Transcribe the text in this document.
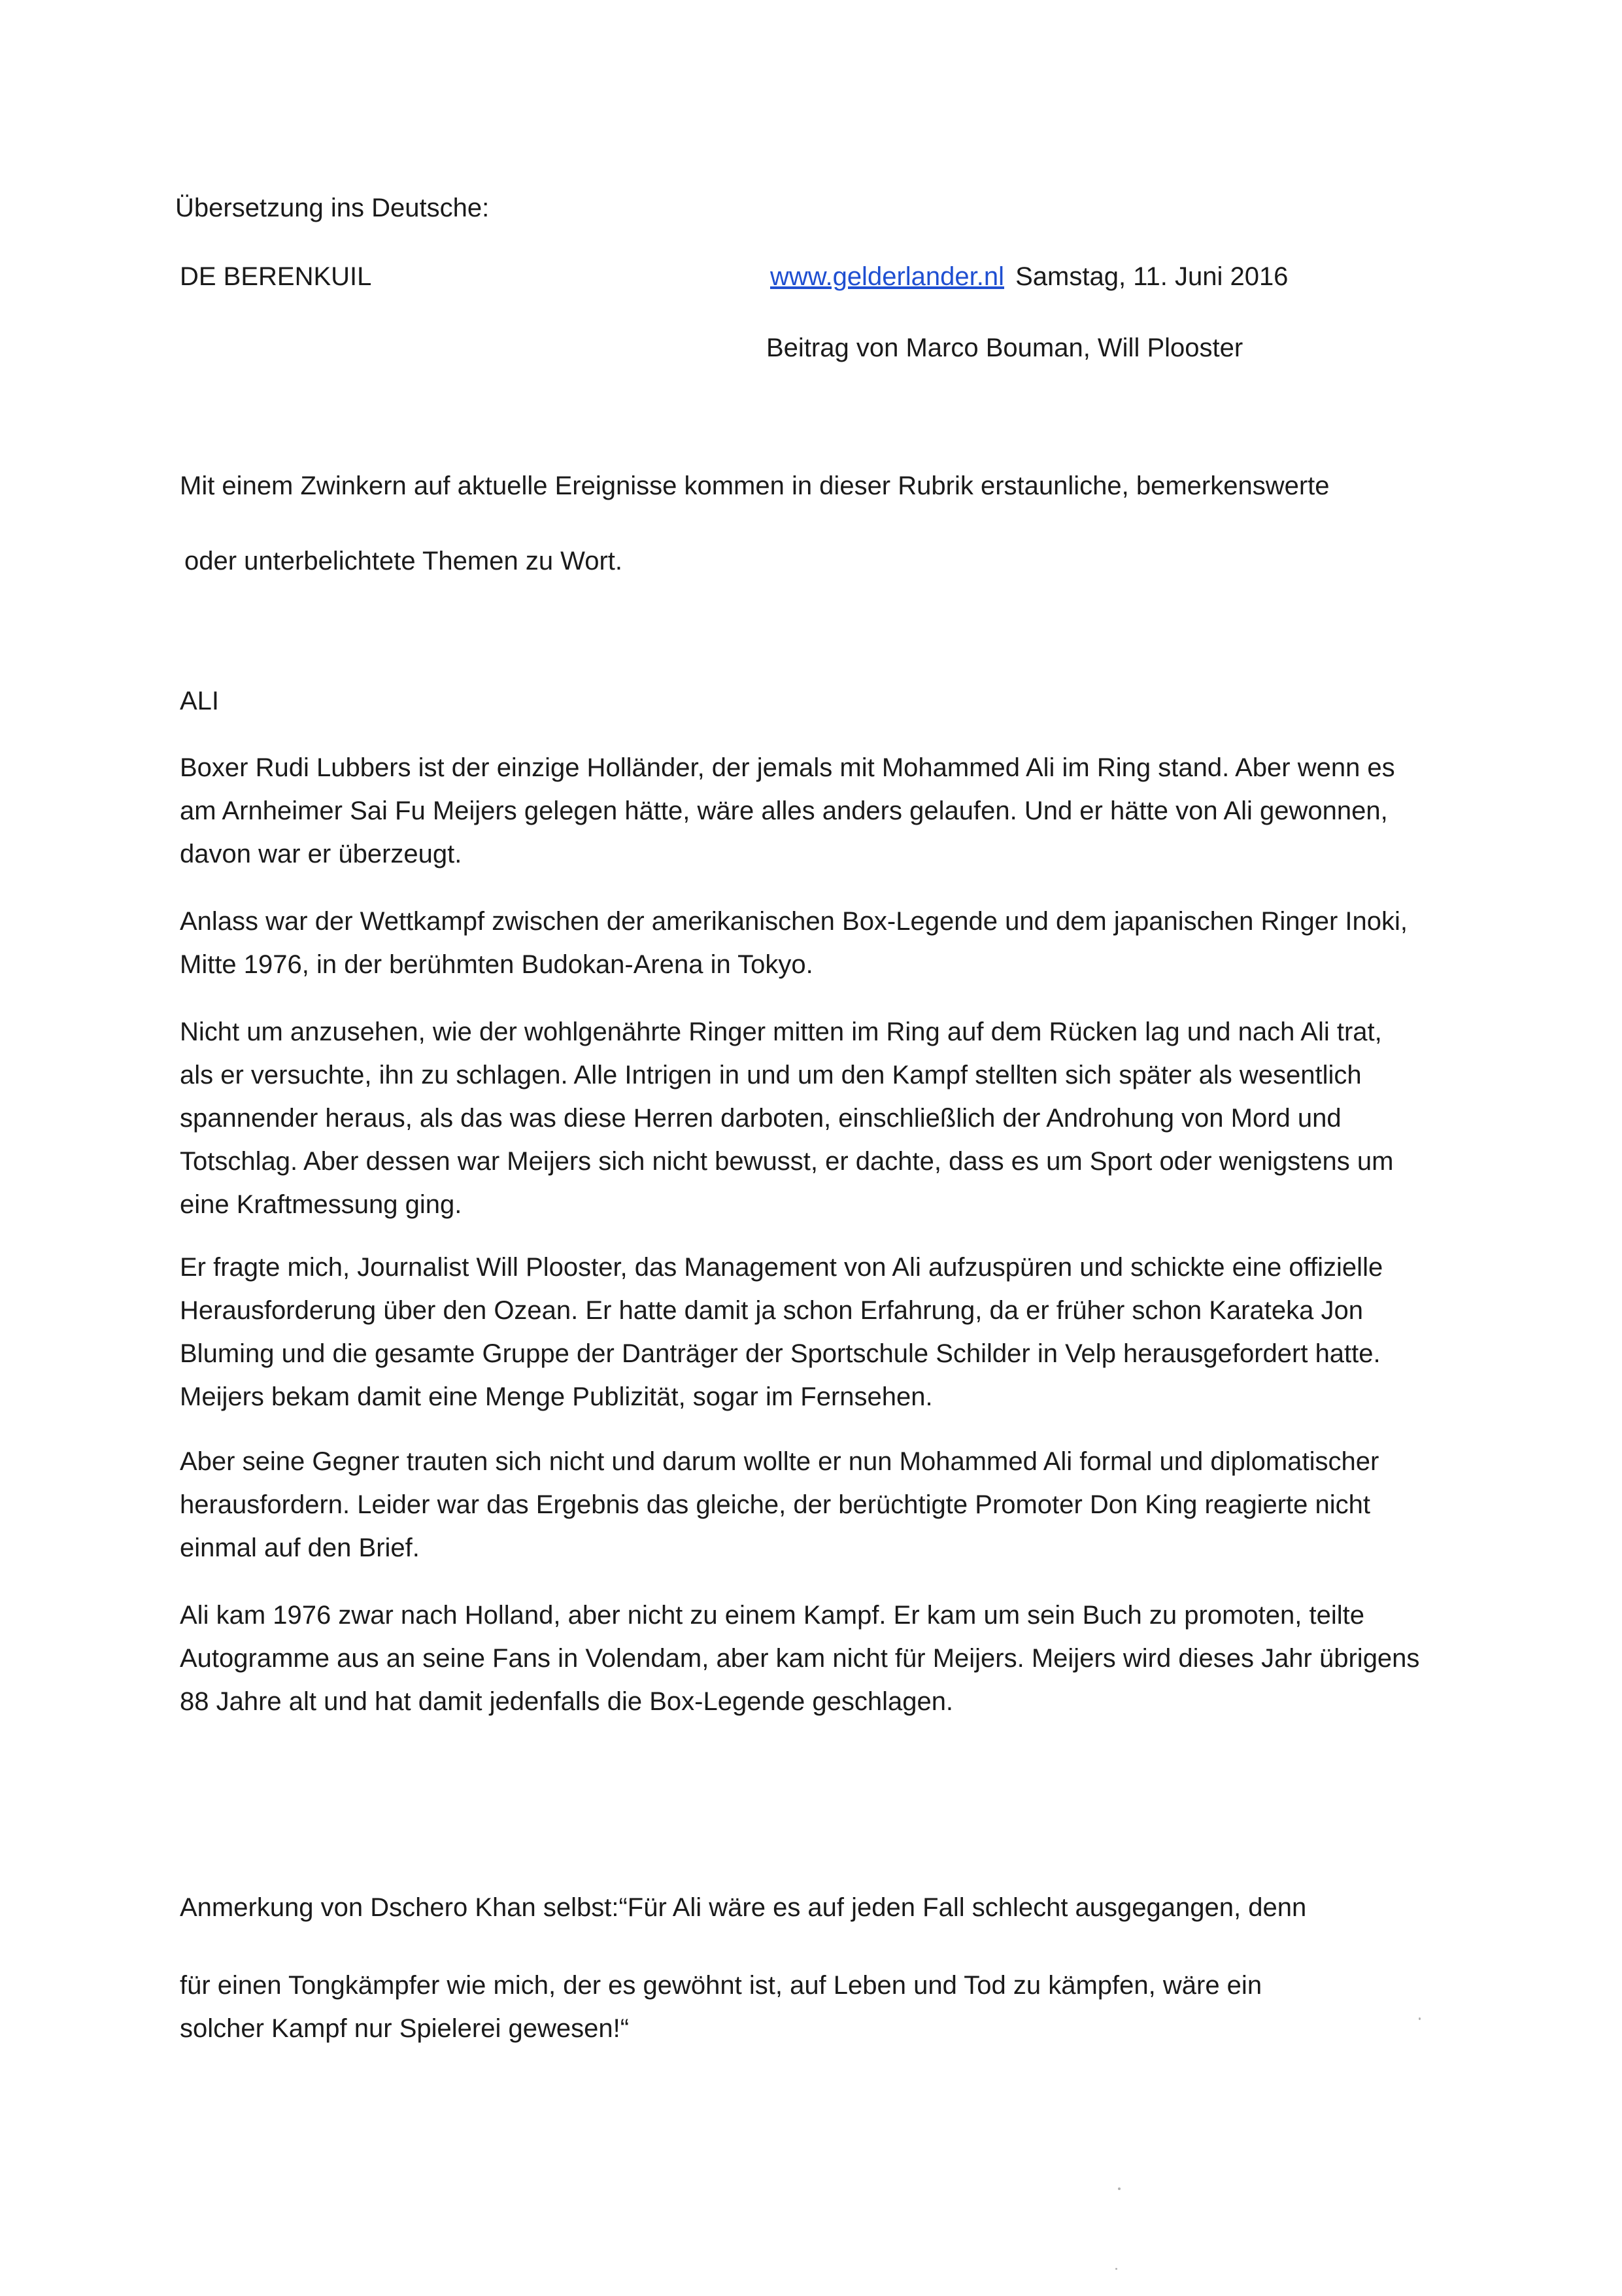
Übersetzung ins Deutsche:
DE BERENKUIL	www.gelderlander.nl Samstag, 11. Juni 2016
Beitrag von Marco Bouman, Will Plooster
Mit einem Zwinkern auf aktuelle Ereignisse kommen in dieser Rubrik erstaunliche, bemerkenswerte
oder unterbelichtete Themen zu Wort.
ALI

Boxer Rudi Lubbers ist der einzige Holländer, der jemals mit Mohammed Ali im Ring stand. Aber wenn es am Arnheimer Sai Fu Meijers gelegen hätte, wäre alles anders gelaufen. Und er hätte von Ali gewonnen, davon war er überzeugt.

Anlass war der Wettkampf zwischen der amerikanischen Box-Legende und dem japanischen Ringer Inoki, Mitte 1976, in der berühmten Budokan-Arena in Tokyo.

Nicht um anzusehen, wie der wohlgenährte Ringer mitten im Ring auf dem Rücken lag und nach Ali trat, als er versuchte, ihn zu schlagen. Alle Intrigen in und um den Kampf stellten sich später als wesentlich spannender heraus, als das was diese Herren darboten, einschließlich der Androhung von Mord und Totschlag. Aber dessen war Meijers sich nicht bewusst, er dachte, dass es um Sport oder wenigstens um eine Kraftmessung ging.

Er fragte mich, Journalist Will Plooster, das Management von Ali aufzuspüren und schickte eine offizielle Herausforderung über den Ozean. Er hatte damit ja schon Erfahrung, da er früher schon Karateka Jon Bluming und die gesamte Gruppe der Danträger der Sportschule Schilder in Velp herausgefordert hatte. Meijers bekam damit eine Menge Publizität, sogar im Fernsehen.

Aber seine Gegner trauten sich nicht und darum wollte er nun Mohammed Ali formal und diplomatischer herausfordern. Leider war das Ergebnis das gleiche, der berüchtigte Promoter Don King reagierte nicht einmal auf den Brief.

Ali kam 1976 zwar nach Holland, aber nicht zu einem Kampf. Er kam um sein Buch zu promoten, teilte Autogramme aus an seine Fans in Volendam, aber kam nicht für Meijers. Meijers wird dieses Jahr übrigens 88 Jahre alt und hat damit jedenfalls die Box-Legende geschlagen.

Anmerkung von Dschero Khan selbst:“Für Ali wäre es auf jeden Fall schlecht ausgegangen, denn

für einen Tongkämpfer wie mich, der es gewöhnt ist, auf Leben und Tod zu kämpfen, wäre ein solcher Kampf nur Spielerei gewesen!“
